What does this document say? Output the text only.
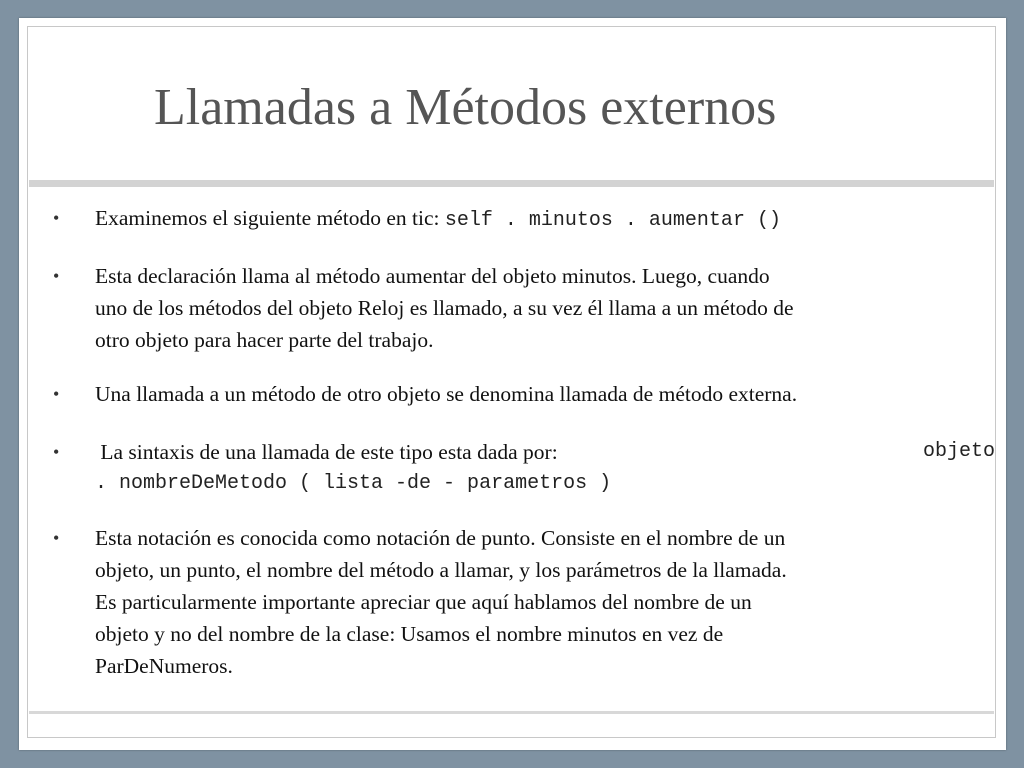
Llamadas a Métodos externos
• Examinemos el siguiente método en tic: self . minutos . aumentar ()
• Esta declaración llama al método aumentar del objeto minutos. Luego, cuando
uno de los métodos del objeto Reloj es llamado, a su vez él llama a un método de
otro objeto para hacer parte del trabajo.
• Una llamada a un método de otro objeto se denomina llamada de método externa.
• La sintaxis de una llamada de este tipo esta dada por:	objeto
. nombreDeMetodo ( lista -de - parametros )
• Esta notación es conocida como notación de punto. Consiste en el nombre de un
objeto, un punto, el nombre del método a llamar, y los parámetros de la llamada.
Es particularmente importante apreciar que aquí hablamos del nombre de un
objeto y no del nombre de la clase: Usamos el nombre minutos en vez de
ParDeNumeros.
